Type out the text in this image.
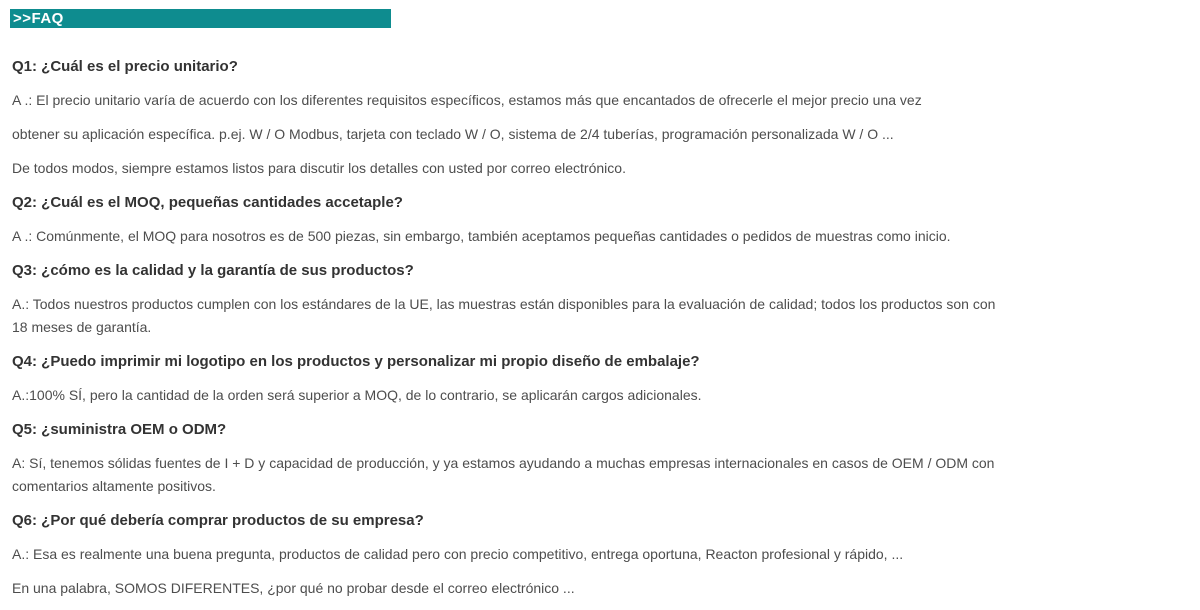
>>FAQ

Q1: ¿Cuál es el precio unitario?

A .: El precio unitario varía de acuerdo con los diferentes requisitos específicos, estamos más que encantados de ofrecerle el mejor precio una vez

obtener su aplicación específica. p.ej. W / O Modbus, tarjeta con teclado W / O, sistema de 2/4 tuberías, programación personalizada W / O ...

De todos modos, siempre estamos listos para discutir los detalles con usted por correo electrónico.

Q2: ¿Cuál es el MOQ, pequeñas cantidades accetaple?

A .: Comúnmente, el MOQ para nosotros es de 500 piezas, sin embargo, también aceptamos pequeñas cantidades o pedidos de muestras como inicio.

Q3: ¿cómo es la calidad y la garantía de sus productos?

A.: Todos nuestros productos cumplen con los estándares de la UE, las muestras están disponibles para la evaluación de calidad; todos los productos son con
18 meses de garantía.

Q4: ¿Puedo imprimir mi logotipo en los productos y personalizar mi propio diseño de embalaje?

A.:100% SÍ, pero la cantidad de la orden será superior a MOQ, de lo contrario, se aplicarán cargos adicionales.

Q5: ¿suministra OEM o ODM?

A: Sí, tenemos sólidas fuentes de I + D y capacidad de producción, y ya estamos ayudando a muchas empresas internacionales en casos de OEM / ODM con
comentarios altamente positivos.

Q6: ¿Por qué debería comprar productos de su empresa?

A.: Esa es realmente una buena pregunta, productos de calidad pero con precio competitivo, entrega oportuna, Reacton profesional y rápido, ...

En una palabra, SOMOS DIFERENTES, ¿por qué no probar desde el correo electrónico ...
